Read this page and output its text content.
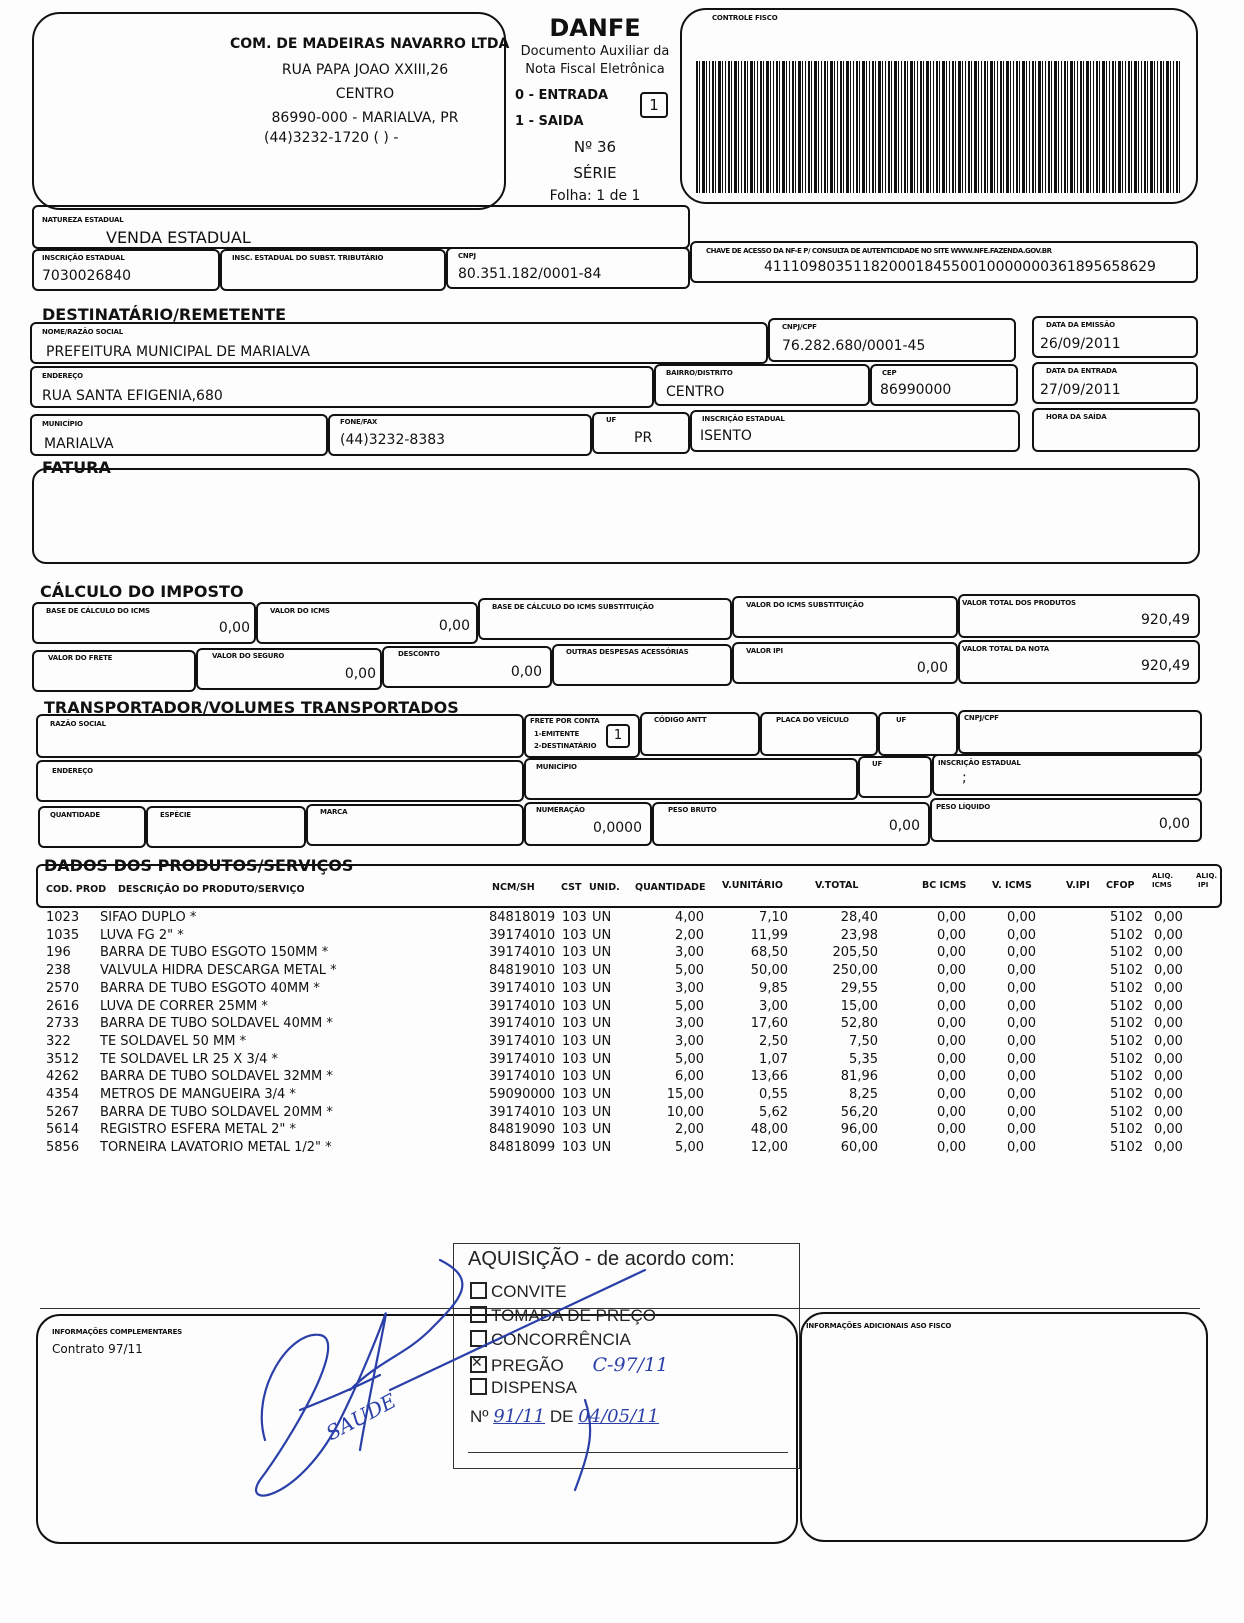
COM. DE MADEIRAS NAVARRO LTDA
RUA PAPA JOAO XXIII,26
CENTRO
86990-000 - MARIALVA, PR
(44)3232-1720 ( ) -
DANFE
Documento Auxiliar da
Nota Fiscal Eletrônica
0 - ENTRADA
1 - SAIDA
1
Nº 36
SÉRIE
Folha: 1 de 1
CONTROLE FISCO
NATUREZA ESTADUAL
VENDA ESTADUAL
INSCRIÇÃO ESTADUAL
7030026840
INSC. ESTADUAL DO SUBST. TRIBUTÁRIO	CNPJ
80.351.182/0001-84
CHAVE DE ACESSO DA NF-E P/ CONSULTA DE AUTENTICIDADE NO SITE WWW.NFE.FAZENDA.GOV.BR
41110980351182000184550010000000361895658629
DESTINATÁRIO/REMETENTE
NOME/RAZÃO SOCIAL
PREFEITURA MUNICIPAL DE MARIALVA
CNPJ/CPF
76.282.680/0001-45
DATA DA EMISSÃO
26/09/2011
ENDEREÇO
RUA SANTA EFIGENIA,680
BAIRRO/DISTRITO
CENTRO
CEP
86990000
DATA DA ENTRADA
27/09/2011
MUNICÍPIO
MARIALVA
FONE/FAX
(44)3232-8383
UF
PR
INSCRIÇÃO ESTADUAL
ISENTO
HORA DA SAÍDA
FATURA
CÁLCULO DO IMPOSTO
BASE DE CÁLCULO DO ICMS
0,00
VALOR DO ICMS
0,00
BASE DE CÁLCULO DO ICMS SUBSTITUIÇÃO	VALOR DO ICMS SUBSTITUIÇÃO	VALOR TOTAL DOS PRODUTOS
920,49
VALOR DO FRETE	VALOR DO SEGURO
0,00
DESCONTO
0,00
OUTRAS DESPESAS ACESSÓRIAS	VALOR IPI
0,00
VALOR TOTAL DA NOTA
920,49
TRANSPORTADOR/VOLUMES TRANSPORTADOS
RAZÃO SOCIAL	FRETE POR CONTA
1-EMITENTE
2-DESTINATÁRIO
1
CÓDIGO ANTT	PLACA DO VEÍCULO	UF	CNPJ/CPF
ENDEREÇO	MUNICÍPIO	UF	INSCRIÇÃO ESTADUAL
;
QUANTIDADE	ESPÉCIE	MARCA	NUMERAÇÃO
0,0000
PESO BRUTO
0,00
PESO LÍQUIDO
0,00
DADOS DOS PRODUTOS/SERVIÇOS
COD. PROD DESCRIÇÃO DO PRODUTO/SERVIÇO	NCM/SH	CST UNID. QUANTIDADE V.UNITÁRIO	V.TOTAL	BC ICMS	V. ICMS	V.IPI CFOP
ALIQ.
ICMS
ALIQ.
IPI
1023 SIFAO DUPLO *	84818019 103 UN	4,00	7,10	28,40	0,00	0,00	5102 0,00
1035 LUVA FG 2" *	39174010 103 UN	2,00	11,99	23,98	0,00	0,00	5102 0,00
196 BARRA DE TUBO ESGOTO 150MM *	39174010 103 UN	3,00	68,50	205,50	0,00	0,00	5102 0,00
238 VALVULA HIDRA DESCARGA METAL *	84819010 103 UN	5,00	50,00	250,00	0,00	0,00	5102 0,00
2570 BARRA DE TUBO ESGOTO 40MM *	39174010 103 UN	3,00	9,85	29,55	0,00	0,00	5102 0,00
2616 LUVA DE CORRER 25MM *	39174010 103 UN	5,00	3,00	15,00	0,00	0,00	5102 0,00
2733 BARRA DE TUBO SOLDAVEL 40MM *	39174010 103 UN	3,00	17,60	52,80	0,00	0,00	5102 0,00
322 TE SOLDAVEL 50 MM *	39174010 103 UN	3,00	2,50	7,50	0,00	0,00	5102 0,00
3512 TE SOLDAVEL LR 25 X 3/4 *	39174010 103 UN	5,00	1,07	5,35	0,00	0,00	5102 0,00
4262 BARRA DE TUBO SOLDAVEL 32MM *	39174010 103 UN	6,00	13,66	81,96	0,00	0,00	5102 0,00
4354 METROS DE MANGUEIRA 3/4 *	59090000 103 UN	15,00	0,55	8,25	0,00	0,00	5102 0,00
5267 BARRA DE TUBO SOLDAVEL 20MM *	39174010 103 UN	10,00	5,62	56,20	0,00	0,00	5102 0,00
5614 REGISTRO ESFERA METAL 2" *	84819090 103 UN	2,00	48,00	96,00	0,00	0,00	5102 0,00
5856 TORNEIRA LAVATORIO METAL 1/2" *	84818099 103 UN	5,00	12,00	60,00	0,00	0,00	5102 0,00
INFORMAÇÕES COMPLEMENTARES
Contrato 97/11
INFORMAÇÕES ADICIONAIS ASO FISCO
AQUISIÇÃO - de acordo com:
CONVITE
TOMADA DE PREÇO
CONCORRÊNCIA
✕ PREGÃO C-97/11
DISPENSA
Nº 91/11 DE 04/05/11
SAUDE
